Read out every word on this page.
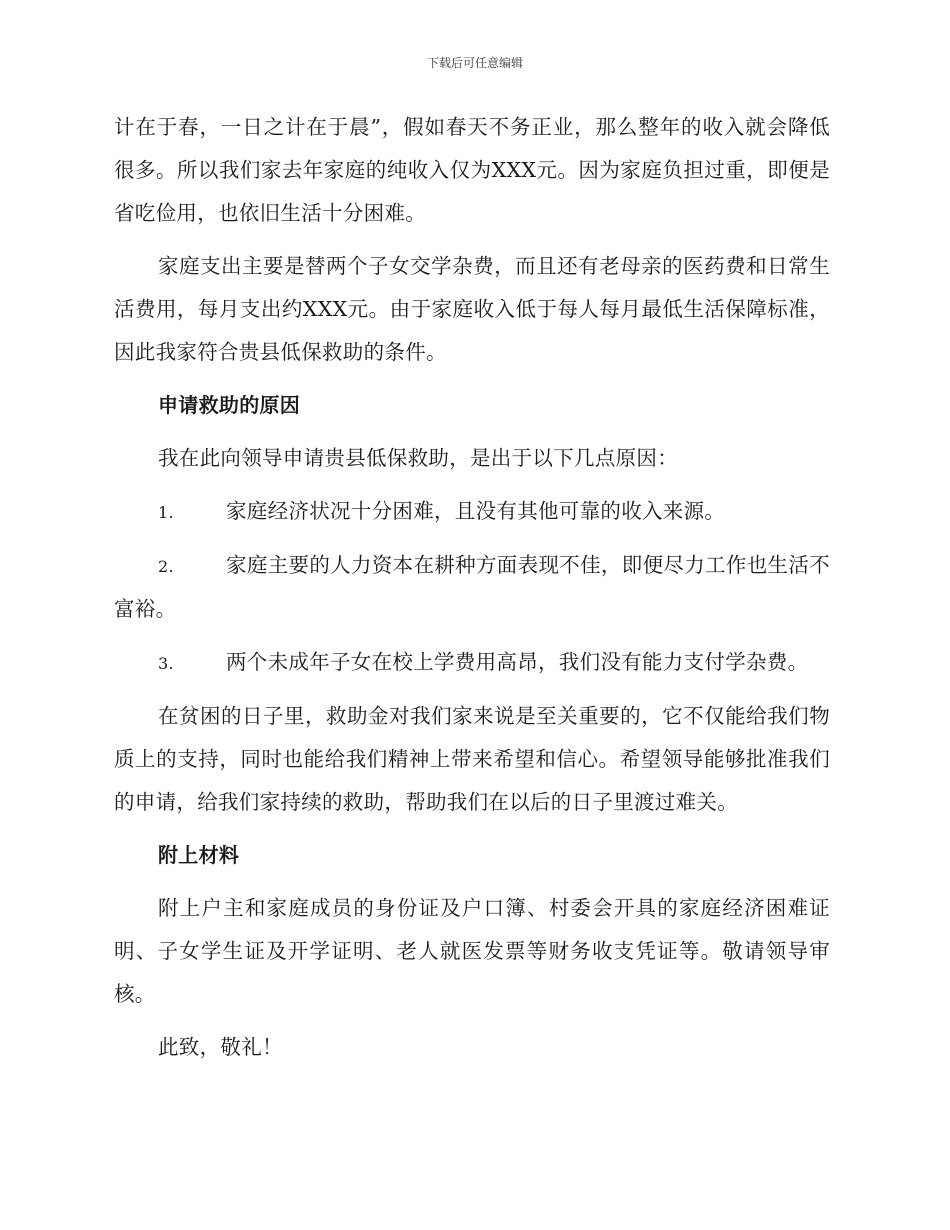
下载后可任意编辑

计在于春，一日之计在于晨”，假如春天不务正业，那么整年的收入就会降低很多。所以我们家去年家庭的纯收入仅为XXX元。因为家庭负担过重，即便是省吃俭用，也依旧生活十分困难。

家庭支出主要是替两个子女交学杂费，而且还有老母亲的医药费和日常生活费用，每月支出约XXX元。由于家庭收入低于每人每月最低生活保障标准，因此我家符合贵县低保救助的条件。

申请救助的原因

我在此向领导申请贵县低保救助，是出于以下几点原因：

1.	家庭经济状况十分困难，且没有其他可靠的收入来源。

2.	家庭主要的人力资本在耕种方面表现不佳，即便尽力工作也生活不富裕。

3.	两个未成年子女在校上学费用高昂，我们没有能力支付学杂费。

在贫困的日子里，救助金对我们家来说是至关重要的，它不仅能给我们物质上的支持，同时也能给我们精神上带来希望和信心。希望领导能够批准我们的申请，给我们家持续的救助，帮助我们在以后的日子里渡过难关。

附上材料

附上户主和家庭成员的身份证及户口簿、村委会开具的家庭经济困难证明、子女学生证及开学证明、老人就医发票等财务收支凭证等。敬请领导审核。

此致，敬礼！
